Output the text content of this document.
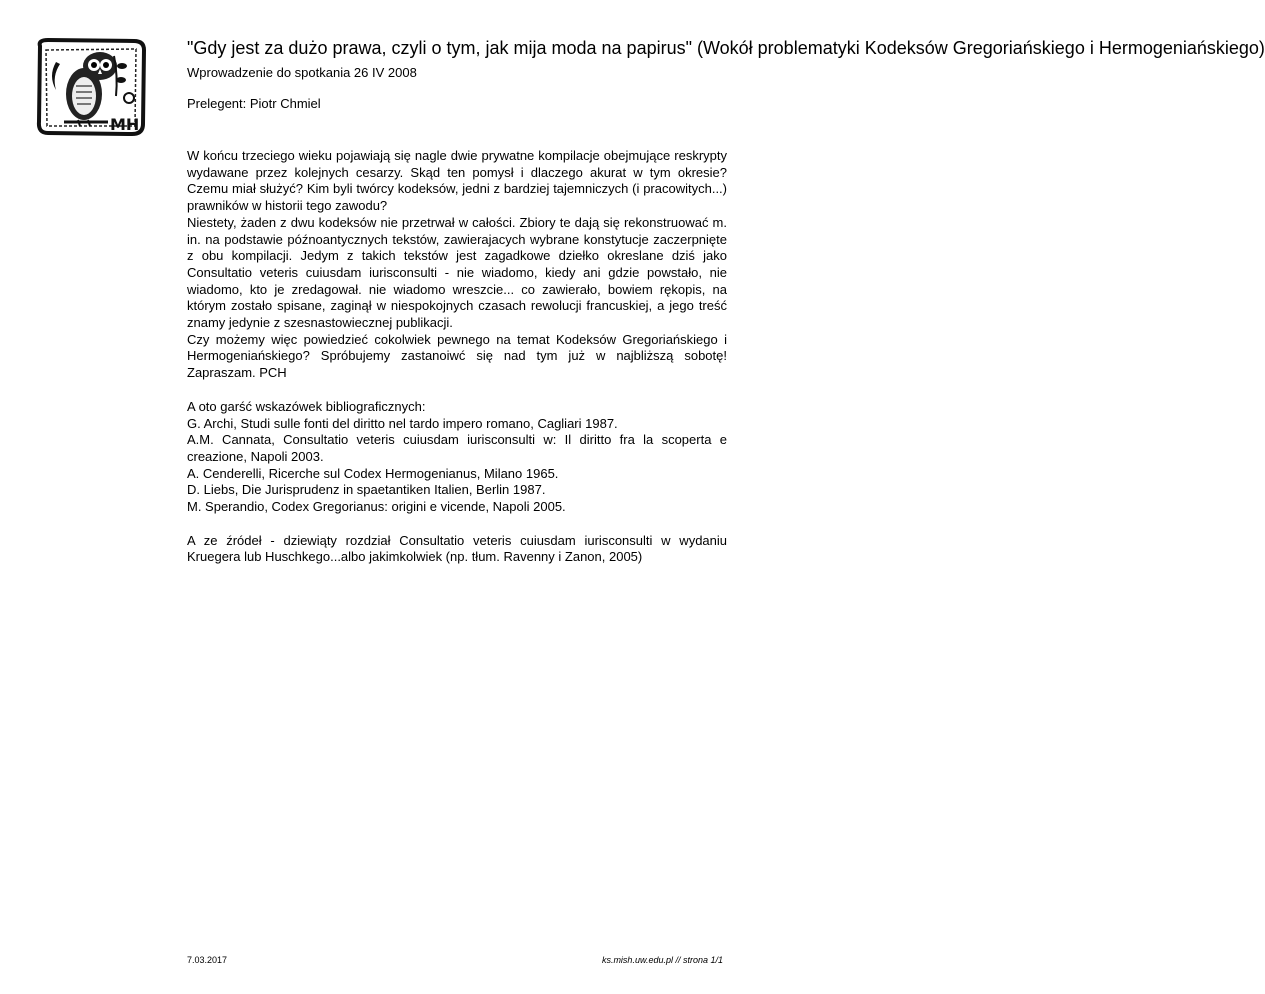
MH
"Gdy jest za dużo prawa, czyli o tym, jak mija moda na papirus" (Wokół problematyki Kodeksów Gregoriańskiego i Hermogeniańskiego)
Wprowadzenie do spotkania 26 IV 2008
Prelegent: Piotr Chmiel

W końcu trzeciego wieku pojawiają się nagle dwie prywatne kompilacje obejmujące reskrypty wydawane przez kolejnych cesarzy. Skąd ten pomysł i dlaczego akurat w tym okresie? Czemu miał służyć? Kim byli twórcy kodeksów, jedni z bardziej tajemniczych (i pracowitych...) prawników w historii tego zawodu?

Niestety, żaden z dwu kodeksów nie przetrwał w całości. Zbiory te dają się rekonstruować m. in. na podstawie późnoantycznych tekstów, zawierajacych wybrane konstytucje zaczerpnięte z obu kompilacji. Jedym z takich tekstów jest zagadkowe dziełko okreslane dziś jako Consultatio veteris cuiusdam iurisconsulti - nie wiadomo, kiedy ani gdzie powstało, nie wiadomo, kto je zredagował. nie wiadomo wreszcie... co zawierało, bowiem rękopis, na którym zostało spisane, zaginął w niespokojnych czasach rewolucji francuskiej, a jego treść znamy jedynie z szesnastowiecznej publikacji.

Czy możemy więc powiedzieć cokolwiek pewnego na temat Kodeksów Gregoriańskiego i Hermogeniańskiego? Spróbujemy zastanoiwć się nad tym już w najbliższą sobotę! Zapraszam. PCH

A oto garść wskazówek bibliograficznych:

G. Archi, Studi sulle fonti del diritto nel tardo impero romano, Cagliari 1987.

A.M. Cannata, Consultatio veteris cuiusdam iurisconsulti w: Il diritto fra la scoperta e creazione, Napoli 2003.

A. Cenderelli, Ricerche sul Codex Hermogenianus, Milano 1965.

D. Liebs, Die Jurisprudenz in spaetantiken Italien, Berlin 1987.

M. Sperandio, Codex Gregorianus: origini e vicende, Napoli 2005.

A ze źródeł - dziewiąty rozdział Consultatio veteris cuiusdam iurisconsulti w wydaniu Kruegera lub Huschkego...albo jakimkolwiek (np. tłum. Ravenny i Zanon, 2005)

7.03.2017	ks.mish.uw.edu.pl // strona 1/1
